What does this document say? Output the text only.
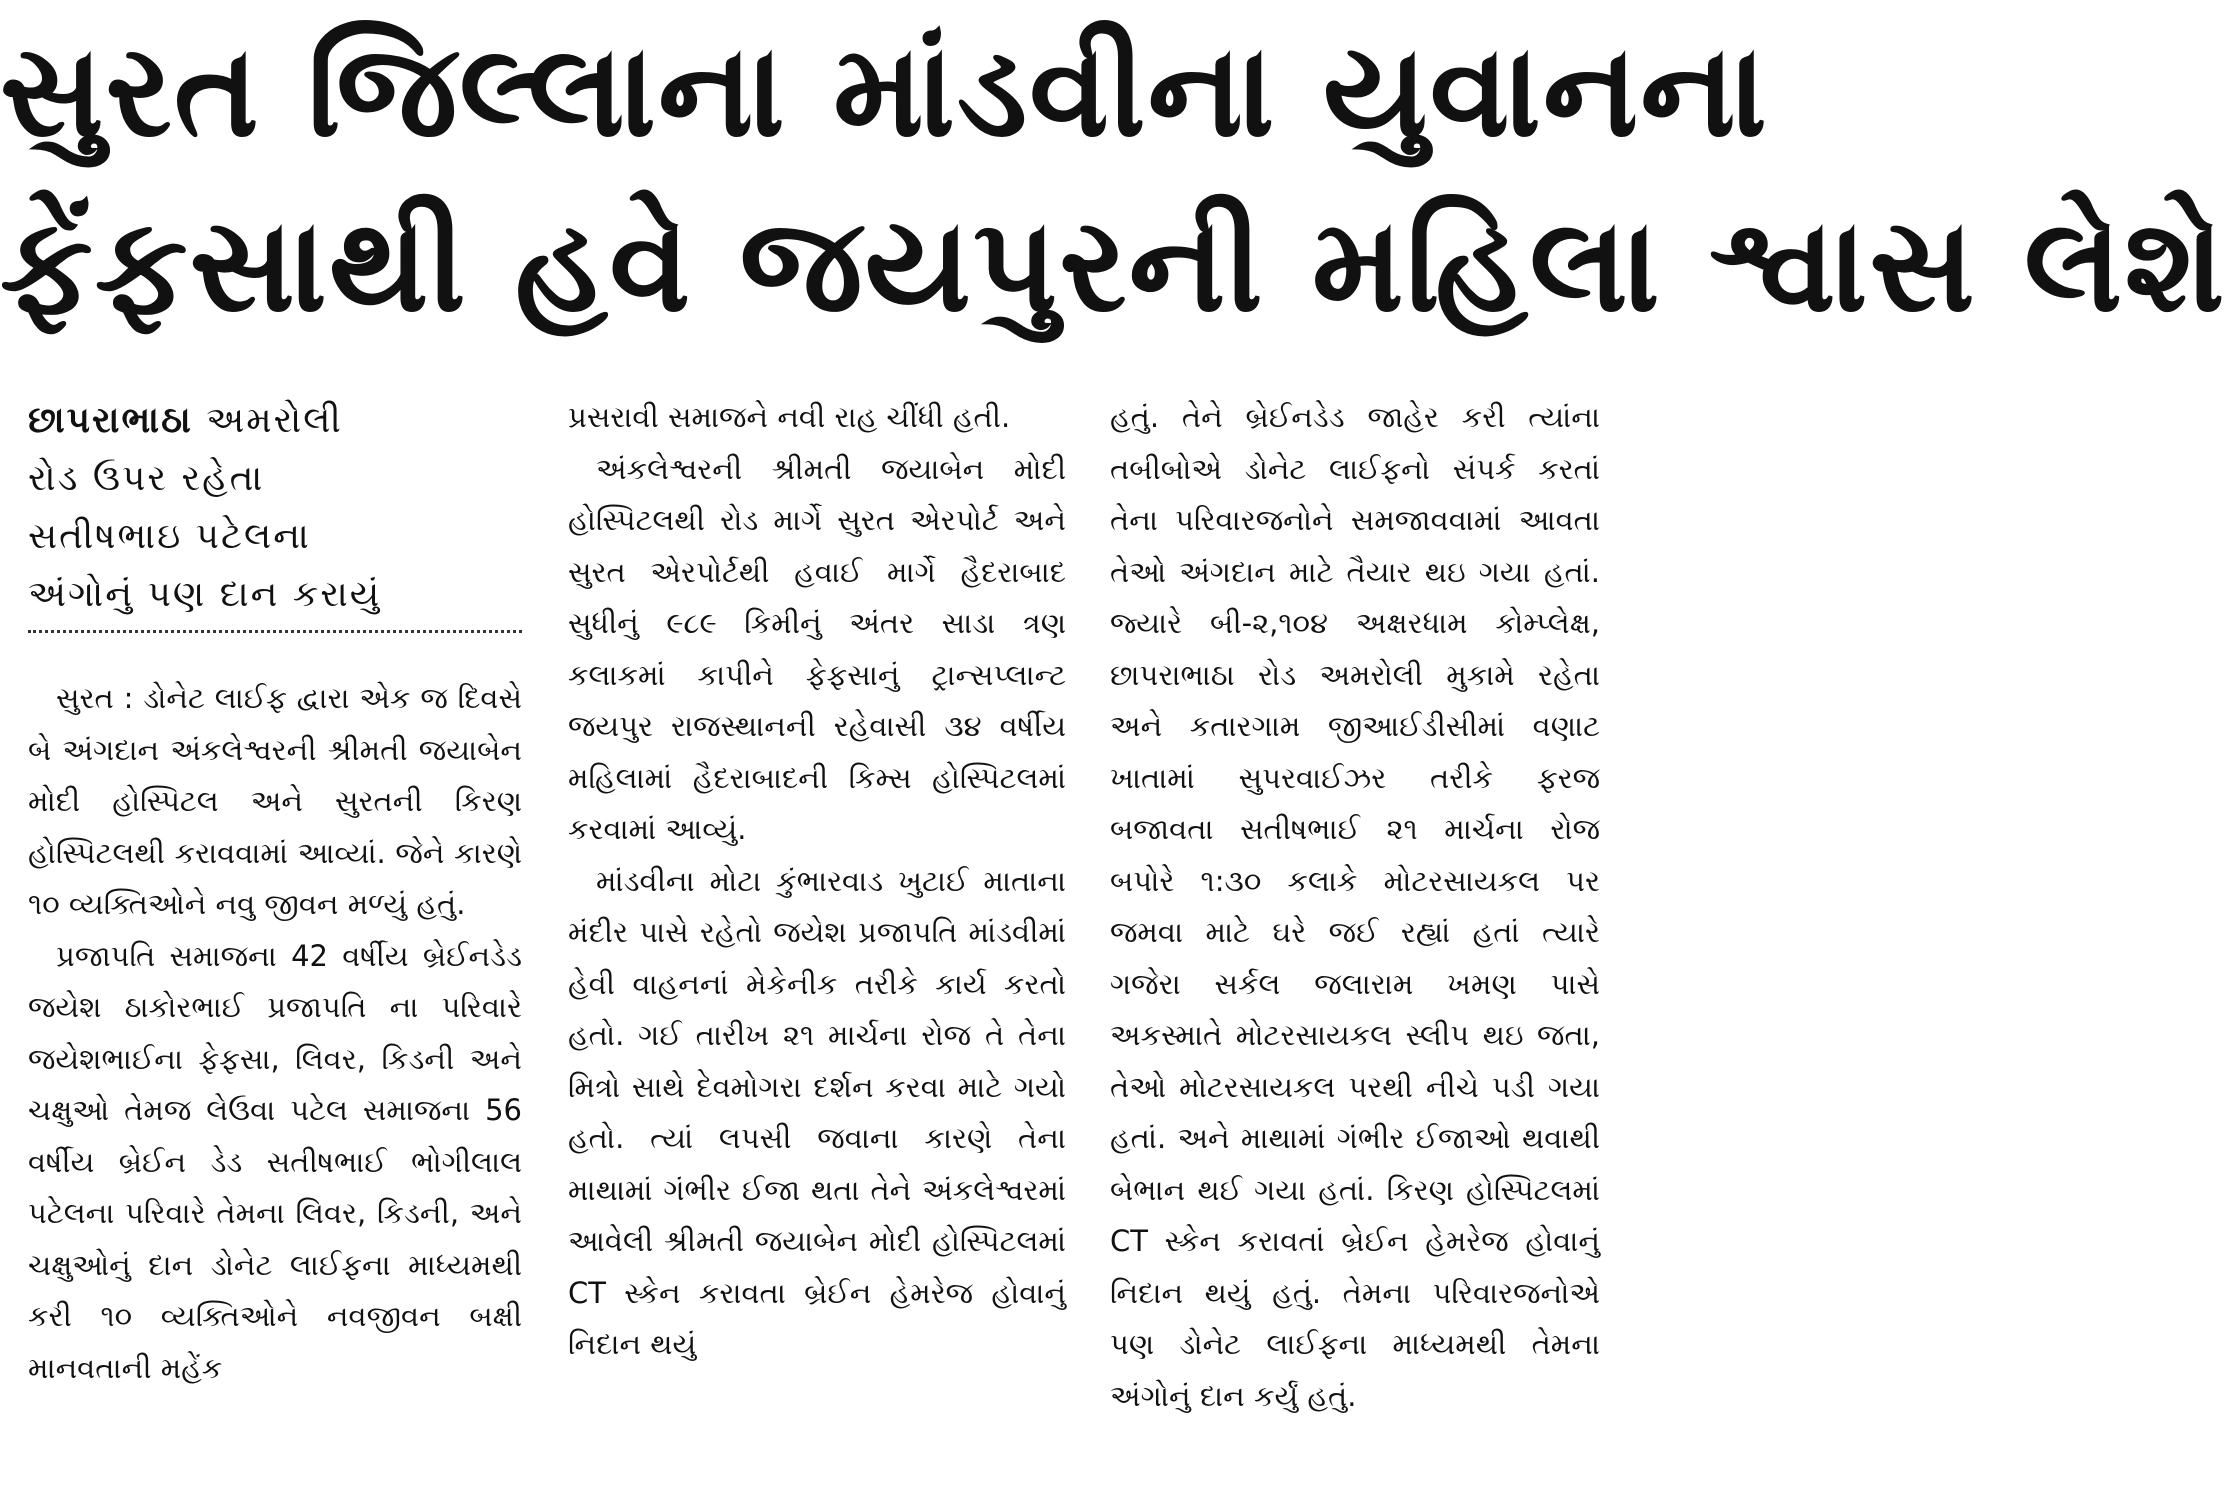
સુરત જિલ્લાના માંડવીના યુવાનના
ફેંફસાથી હવે જયપુરની મહિલા શ્વાસ લેશે

છાપરાભાઠા અમરોલી
રોડ ઉપર રહેતા
સતીષભાઇ પટેલના
અંગોનું પણ દાન કરાયું

સુરત : ડોનેટ લાઈફ દ્વારા એક જ દિવસે બે અંગદાન અંકલેશ્વરની શ્રીમતી જયાબેન મોદી હોસ્પિટલ અને સુરતની કિરણ હોસ્પિટલથી કરાવવામાં આવ્યાં. જેને કારણે ૧૦ વ્યક્તિઓને નવુ જીવન મળ્યું હતું.

પ્રજાપતિ સમાજના 42 વર્ષીય બ્રેઈનડેડ જયેશ ઠાકોરભાઈ પ્રજાપતિ ના પરિવારે જયેશભાઈના ફેફસા, લિવર, કિડની અને ચક્ષુઓ તેમજ લેઉવા પટેલ સમાજના 56 વર્ષીય બ્રેઈન ડેડ સતીષભાઈ ભોગીલાલ પટેલના પરિવારે તેમના લિવર, કિડની, અને ચક્ષુઓનું દાન ડોનેટ લાઈફના માધ્યમથી કરી ૧૦ વ્યક્તિઓને નવજીવન બક્ષી માનવતાની મહેંક

પ્રસરાવી સમાજને નવી રાહ ચીંધી હતી.

અંકલેશ્વરની શ્રીમતી જયાબેન મોદી હોસ્પિટલથી રોડ માર્ગે સુરત એરપોર્ટ અને સુરત એરપોર્ટથી હવાઈ માર્ગે હૈદરાબાદ સુધીનું ૯૮૯ કિમીનું અંતર સાડા ત્રણ કલાકમાં કાપીને ફેફસાનું ટ્રાન્સપ્લાન્ટ જયપુર રાજસ્થાનની રહેવાસી ૩૪ વર્ષીય મહિલામાં હૈદરાબાદની કિમ્સ હોસ્પિટલમાં કરવામાં આવ્યું.

માંડવીના મોટા કુંભારવાડ ખુટાઈ માતાના મંદીર પાસે રહેતો જયેશ પ્રજાપતિ માંડવીમાં હેવી વાહનનાં મેકેનીક તરીકે કાર્ય કરતો હતો. ગઈ તારીખ ૨૧ માર્ચના રોજ તે તેના મિત્રો સાથે દેવમોગરા દર્શન કરવા માટે ગયો હતો. ત્યાં લપસી જવાના કારણે તેના માથામાં ગંભીર ઈજા થતા તેને અંકલેશ્વરમાં આવેલી શ્રીમતી જયાબેન મોદી હોસ્પિટલમાં CT સ્કેન કરાવતા બ્રેઈન હેમરેજ હોવાનું નિદાન થયું

હતું. તેને બ્રેઈનડેડ જાહેર કરી ત્યાંના તબીબોએ ડોનેટ લાઈફનો સંપર્ક કરતાં તેના પરિવારજનોને સમજાવવામાં આવતા તેઓ અંગદાન માટે તૈયાર થઇ ગયા હતાં. જ્યારે બી-૨,૧૦૪ અક્ષરધામ કોમ્પ્લેક્ષ, છાપરાભાઠા રોડ અમરોલી મુકામે રહેતા અને કતારગામ જીઆઈડીસીમાં વણાટ ખાતામાં સુપરવાઈઝર તરીકે ફરજ બજાવતા સતીષભાઈ ૨૧ માર્ચના રોજ બપોરે ૧:૩૦ કલાકે મોટરસાયકલ પર જમવા માટે ઘરે જઈ રહ્યાં હતાં ત્યારે ગજેરા સર્કલ જલારામ ખમણ પાસે અકસ્માતે મોટરસાયકલ સ્લીપ થઇ જતા, તેઓ મોટરસાયકલ પરથી નીચે પડી ગયા હતાં. અને માથામાં ગંભીર ઈજાઓ થવાથી બેભાન થઈ ગયા હતાં. કિરણ હોસ્પિટલમાં CT સ્કેન કરાવતાં બ્રેઈન હેમરેજ હોવાનું નિદાન થયું હતું. તેમના પરિવારજનોએ પણ ડોનેટ લાઈફના માધ્યમથી તેમના અંગોનું દાન કર્યું હતું.
